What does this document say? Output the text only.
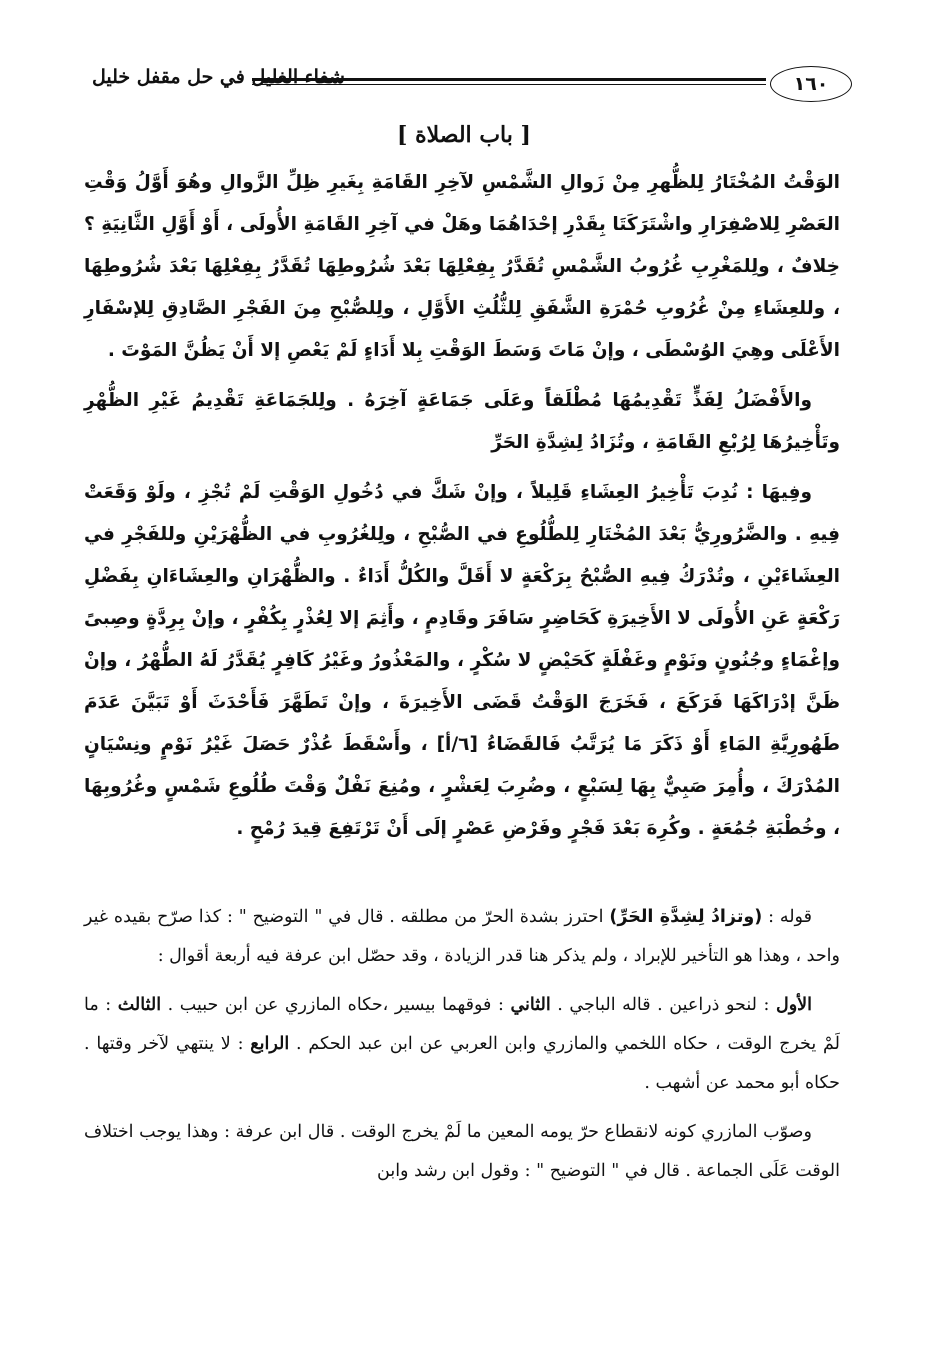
١٦٠
شفاء الغليل في حل مقفل خليل
[ باب الصلاة ]

الوَقْتُ المُخْتَارُ لِلظُّهرِ مِنْ زَوالِ الشَّمْسِ لآخِرِ القَامَةِ بِغَيرِ ظِلِّ الزَّوالِ وهُوَ أَوَّلُ وَقْتِ العَصْرِ لِلاصْفِرَارِ واشْتَرَكَتَا بِقَدْرِ إحْدَاهُمَا وهَلْ في آخِرِ القَامَةِ الأُولَى ، أَوْ أَوَّلِ الثَّانِيَةِ ؟ خِلافٌ ، ولِلمَغْرِبِ غُرُوبُ الشَّمْسِ تُقَدَّرُ بِفِعْلِهَا بَعْدَ شُرُوطِهَا تُقَدَّرُ بِفِعْلِهَا بَعْدَ شُرُوطِهَا ، وللعِشَاءِ مِنْ غُرُوبِ حُمْرَةِ الشَّفَقِ لِلثُّلُثِ الأَوَّلِ ، ولِلصُّبْحِ مِنَ الفَجْرِ الصَّادِقِ لِلإسْفَارِ الأَعْلَى وهِيَ الوُسْطَى ، وإنْ مَاتَ وَسَطَ الوَقْتِ بِلا أَدَاءٍ لَمْ يَعْصِ إلا أَنْ يَظُنَّ المَوْتَ .

والأَفْضَلُ لِفَذٍّ تَقْدِيمُهَا مُطْلَقاً وعَلَى جَمَاعَةٍ آخِرَهُ . ولِلجَمَاعَةِ تَقْدِيمُ غَيْرِ الظُّهْرِ وتَأْخِيرُهَا لِرُبْعِ القَامَةِ ، وتُزَادُ لِشِدَّةِ الحَرِّ

وفِيهَا : نُدِبَ تَأْخِيرُ العِشَاءِ قَلِيلاً ، وإنْ شَكَّ في دُخُولِ الوَقْتِ لَمْ تُجْزِ ، ولَوْ وَقَعَتْ فِيهِ . والضَّرُورِيُّ بَعْدَ المُخْتَارِ لِلطُّلُوعِ في الصُّبْحِ ، ولِلغُرُوبِ في الظُّهْرَيْنِ وللفَجْرِ في العِشَاءَيْنِ ، وتُدْرَكُ فِيهِ الصُّبْحُ بِرَكْعَةٍ لا أَقَلَّ والكُلُّ أَدَاءٌ . والظُّهْرَانِ والعِشَاءَانِ بِفَضْلِ رَكْعَةٍ عَنِ الأُولَى لا الأَخِيرَةِ كَحَاضِرٍ سَافَرَ وقَادِمٍ ، وأَثِمَ إلا لِعُذْرٍ بِكُفْرٍ ، وإنْ بِرِدَّةٍ وصِبىً وإغْمَاءٍ وجُنُونٍ ونَوْمٍ وغَفْلَةٍ كَحَيْضٍ لا سُكْرٍ ، والمَعْذُورُ وغَيْرُ كَافِرٍ يُقَدَّرُ لَهُ الطُّهْرُ ، وإنْ ظَنَّ إدْرَاكَهَا فَرَكَعَ ، فَخَرَجَ الوَقْتُ قَضَى الأَخِيرَةَ ، وإنْ تَطَهَّرَ فَأَحْدَثَ أَوْ تَبَيَّنَ عَدَمَ طَهُورِيَّةِ المَاءِ أَوْ ذَكَرَ مَا يُرَتَّبُ فَالقَضَاءُ [٦/أ] ، وأَسْقَطَ عُذْرٌ حَصَلَ غَيْرُ نَوْمٍ ونِسْيَانٍ المُدْرَكَ ، وأُمِرَ صَبِيٌّ بِهَا لِسَبْعٍ ، وضُرِبَ لِعَشْرٍ ، ومُنِعَ نَفْلٌ وَقْتَ طُلُوعِ شَمْسٍ وغُرُوبِهَا ، وخُطْبَةِ جُمُعَةٍ . وكُرِهَ بَعْدَ فَجْرٍ وفَرْضِ عَصْرٍ إلَى أَنْ تَرْتَفِعَ قِيدَ رُمْحٍ .

قوله : (وتزادُ لِشِدَّةِ الحَرِّ) احترز بشدة الحرّ من مطلقه . قال في " التوضيح " : كذا صرّح بقيده غير واحد ، وهذا هو التأخير للإبراد ، ولم يذكر هنا قدر الزيادة ، وقد حصّل ابن عرفة فيه أربعة أقوال :

الأول : لنحو ذراعين . قاله الباجي . الثاني : فوقهما بيسير ،حكاه المازري عن ابن حبيب . الثالث : ما لَمْ يخرج الوقت ، حكاه اللخمي والمازري وابن العربي عن ابن عبد الحكم . الرابع : لا ينتهي لآخر وقتها . حكاه أبو محمد عن أشهب .

وصوّب المازري كونه لانقطاع حرّ يومه المعين ما لَمْ يخرج الوقت . قال ابن عرفة : وهذا يوجب اختلاف الوقت عَلَى الجماعة . قال في " التوضيح " : وقول ابن رشد وابن
